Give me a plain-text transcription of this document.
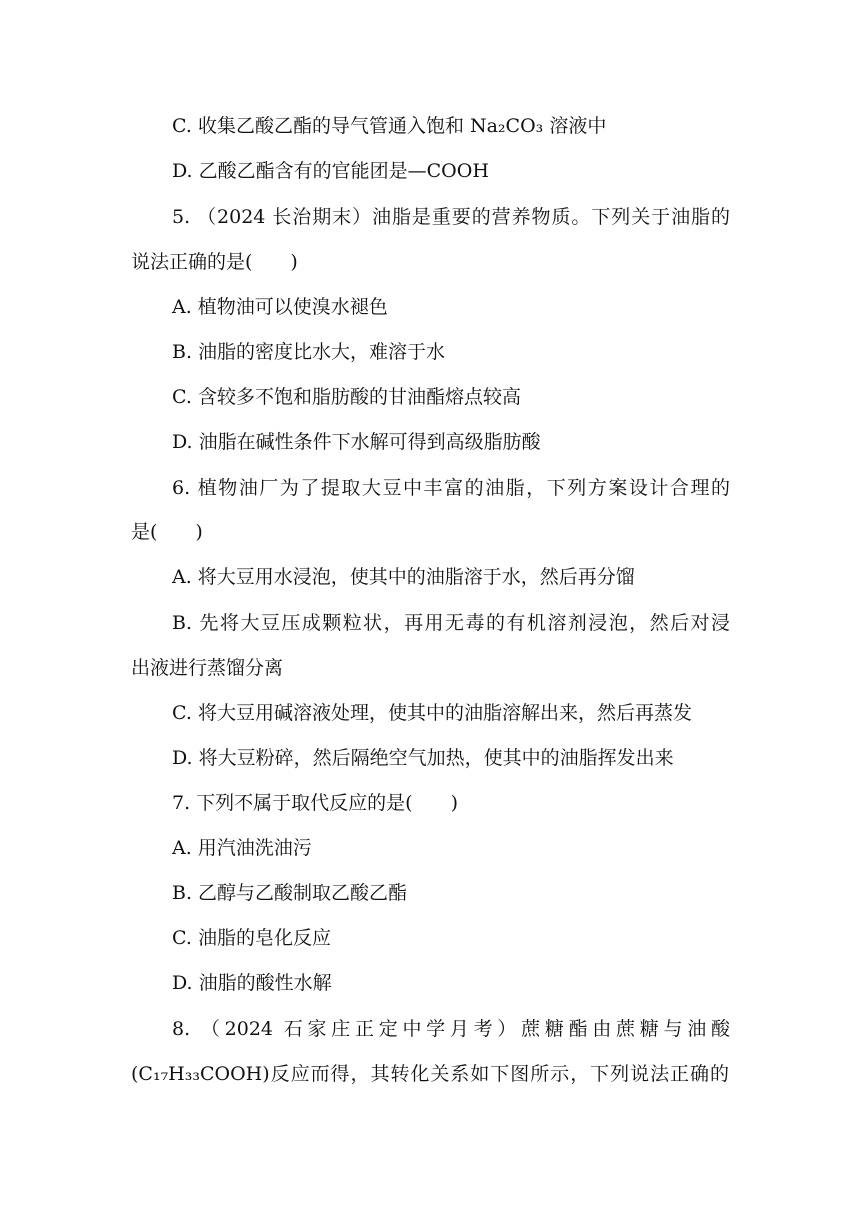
C. 收集乙酸乙酯的导气管通入饱和 Na₂CO₃ 溶液中
D. 乙酸乙酯含有的官能团是—COOH
5. （2024 长治期末）油脂是重要的营养物质。下列关于油脂的
说法正确的是(　　)
A. 植物油可以使溴水褪色
B. 油脂的密度比水大，难溶于水
C. 含较多不饱和脂肪酸的甘油酯熔点较高
D. 油脂在碱性条件下水解可得到高级脂肪酸
6. 植物油厂为了提取大豆中丰富的油脂，下列方案设计合理的
是(　　)
A. 将大豆用水浸泡，使其中的油脂溶于水，然后再分馏
B. 先将大豆压成颗粒状，再用无毒的有机溶剂浸泡，然后对浸
出液进行蒸馏分离
C. 将大豆用碱溶液处理，使其中的油脂溶解出来，然后再蒸发
D. 将大豆粉碎，然后隔绝空气加热，使其中的油脂挥发出来
7. 下列不属于取代反应的是(　　)
A. 用汽油洗油污
B. 乙醇与乙酸制取乙酸乙酯
C. 油脂的皂化反应
D. 油脂的酸性水解
8. （2024 石家庄正定中学月考）蔗糖酯由蔗糖与油酸
(C₁₇H₃₃COOH)反应而得，其转化关系如下图所示，下列说法正确的
